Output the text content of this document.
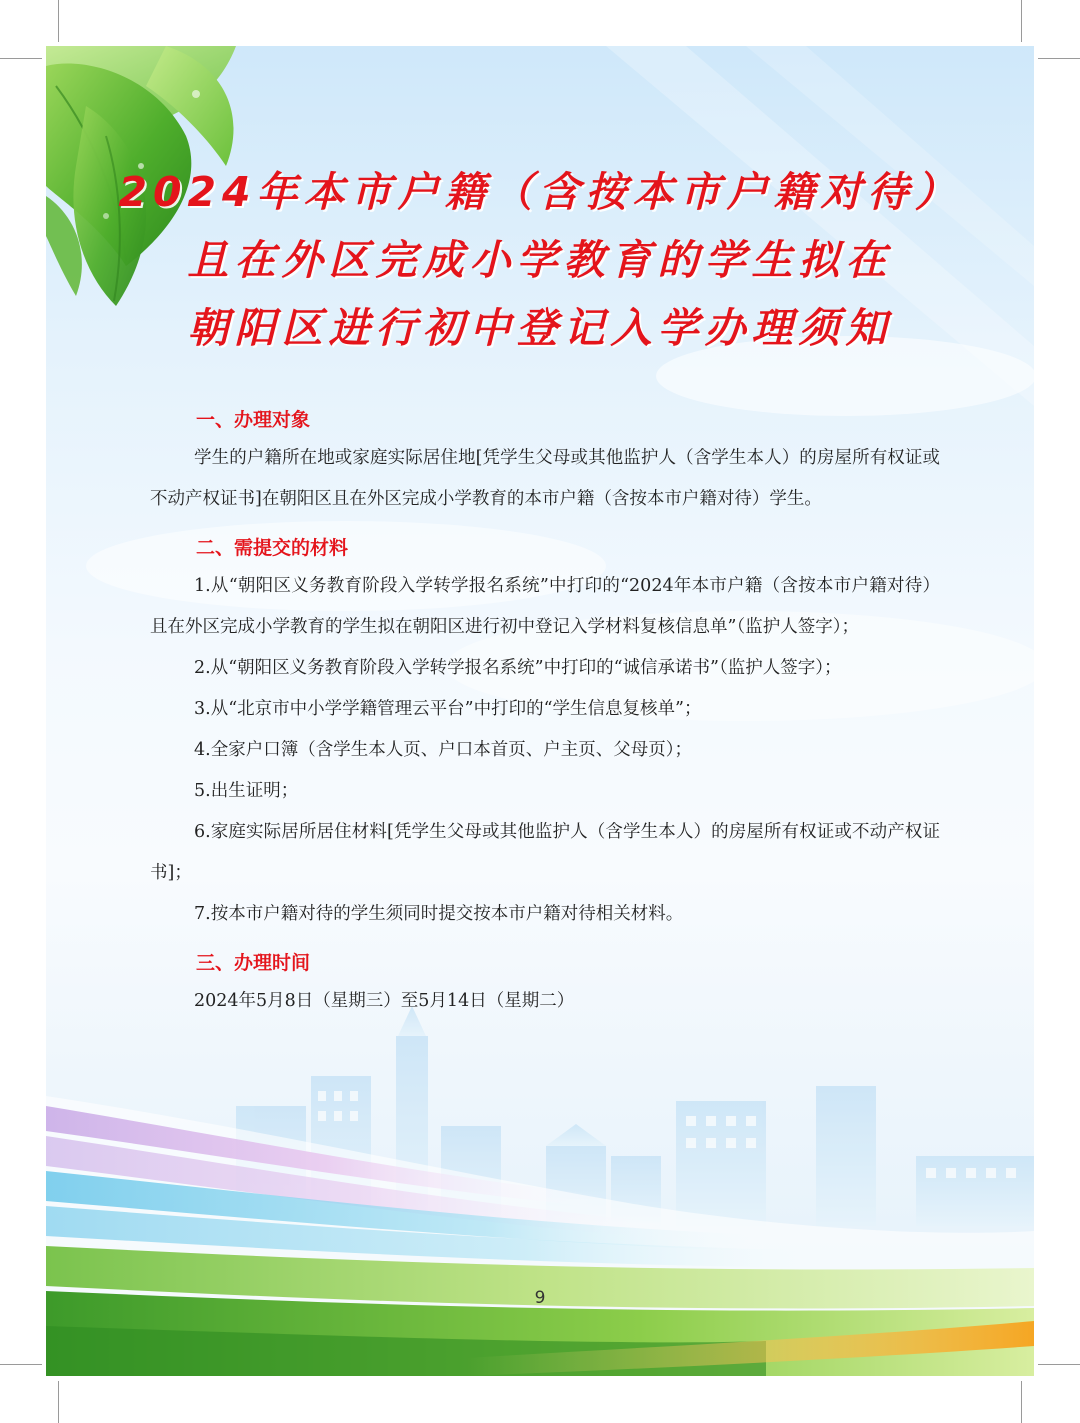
2024年本市户籍（含按本市户籍对待）
且在外区完成小学教育的学生拟在
朝阳区进行初中登记入学办理须知
一、办理对象

学生的户籍所在地或家庭实际居住地[凭学生父母或其他监护人（含学生本人）的房屋所有权证或不动产权证书]在朝阳区且在外区完成小学教育的本市户籍（含按本市户籍对待）学生。

二、需提交的材料

1.从“朝阳区义务教育阶段入学转学报名系统”中打印的“2024年本市户籍（含按本市户籍对待）且在外区完成小学教育的学生拟在朝阳区进行初中登记入学材料复核信息单”（监护人签字）；

2.从“朝阳区义务教育阶段入学转学报名系统”中打印的“诚信承诺书”（监护人签字）；

3.从“北京市中小学学籍管理云平台”中打印的“学生信息复核单”；

4.全家户口簿（含学生本人页、户口本首页、户主页、父母页）；

5.出生证明；

6.家庭实际居所居住材料[凭学生父母或其他监护人（含学生本人）的房屋所有权证或不动产权证书]；

7.按本市户籍对待的学生须同时提交按本市户籍对待相关材料。

三、办理时间

2024年5月8日（星期三）至5月14日（星期二）

9
